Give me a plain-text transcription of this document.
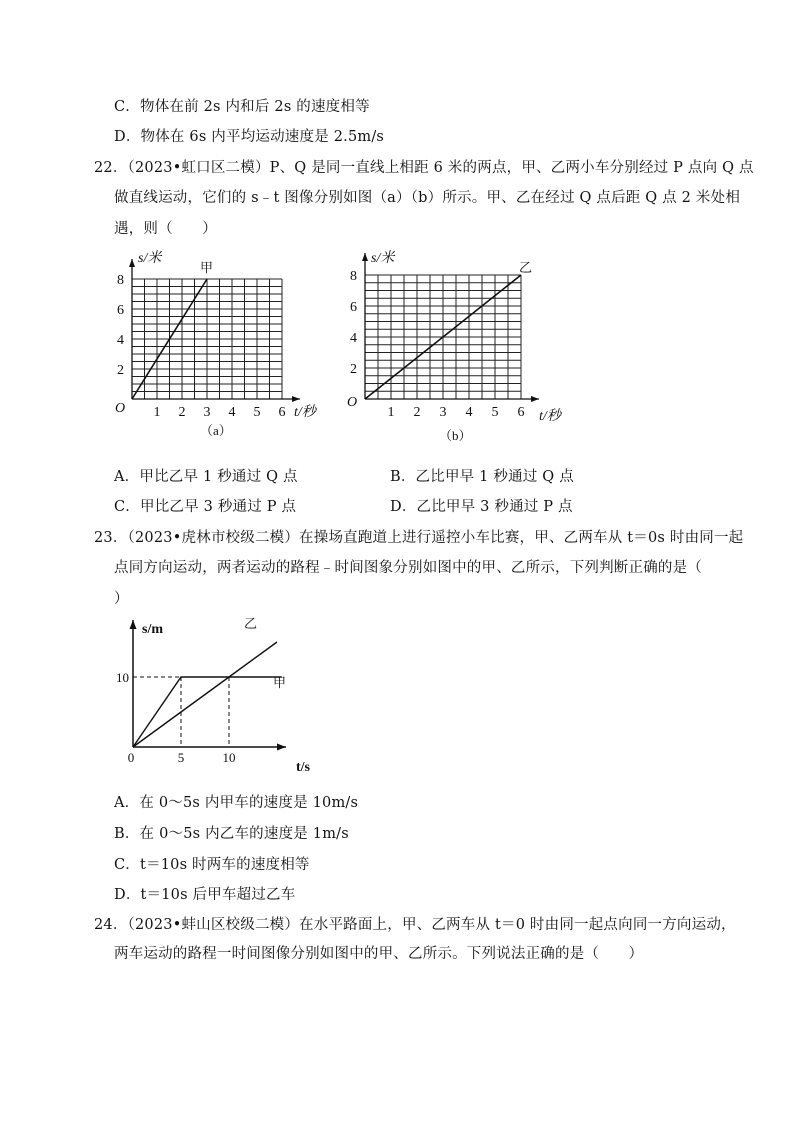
C．物体在前 2s 内和后 2s 的速度相等
D．物体在 6s 内平均运动速度是 2.5m/s
22．（2023•虹口区二模）P、Q 是同一直线上相距 6 米的两点，甲、乙两小车分别经过 P 点向 Q 点
做直线运动，它们的 s﹣t 图像分别如图（a）（b）所示。甲、乙在经过 Q 点后距 Q 点 2 米处相
遇，则（　　）
1 2 3 4 5 6
2
4
6
8
s/米
t/秒
O
（a）
甲
1 2 3 4 5 6
2
4
6
8
s/米
t/秒
O
（b）
乙
A．甲比乙早 1 秒通过 Q 点	B．乙比甲早 1 秒通过 Q 点
C．甲比乙早 3 秒通过 P 点	D．乙比甲早 3 秒通过 P 点
23．（2023•虎林市校级二模）在操场直跑道上进行遥控小车比赛，甲、乙两车从 t＝0s 时由同一起
点同方向运动，两者运动的路程﹣时间图象分别如图中的甲、乙所示，下列判断正确的是（
）
0	5	10
10
s/m
t/s
甲
乙
A．在 0～5s 内甲车的速度是 10m/s
B．在 0～5s 内乙车的速度是 1m/s
C．t＝10s 时两车的速度相等
D．t＝10s 后甲车超过乙车
24．（2023•蚌山区校级二模）在水平路面上，甲、乙两车从 t＝0 时由同一起点向同一方向运动，
两车运动的路程一时间图像分别如图中的甲、乙所示。下列说法正确的是（　　）
